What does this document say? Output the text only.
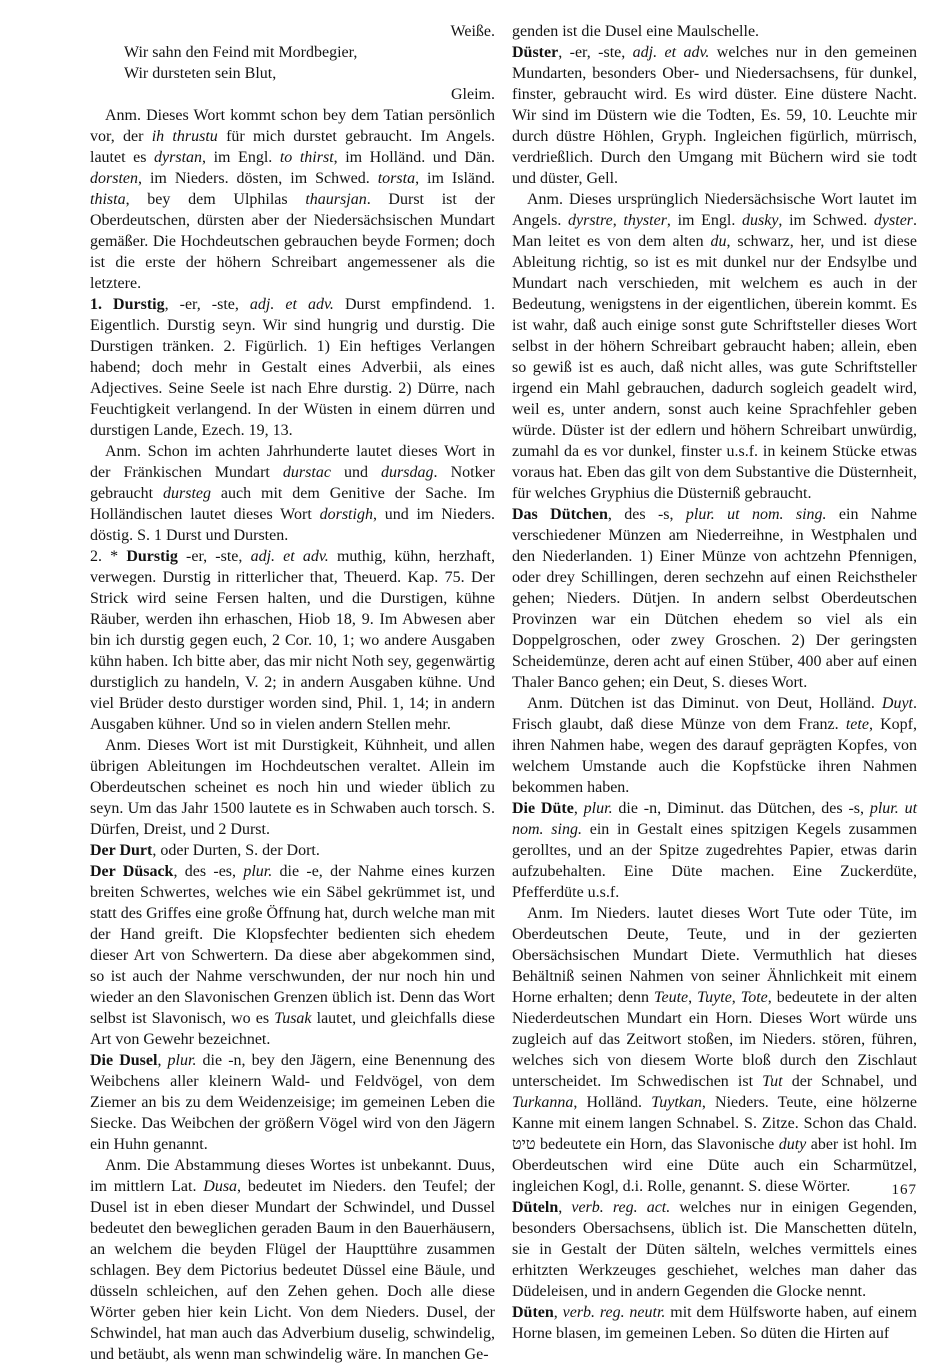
Weiße.

Wir sahn den Feind mit Mordbegier,

Wir dursteten sein Blut,

Gleim.

Anm. Dieses Wort kommt schon bey dem Tatian persönlich vor, der ih thrustu für mich durstet gebraucht. Im Angels. lautet es dyrstan, im Engl. to thirst, im Holländ. und Dän. dorsten, im Nieders. dösten, im Schwed. torsta, im Isländ. thista, bey dem Ulphilas thaursjan. Durst ist der Oberdeutschen, dürsten aber der Niedersächsischen Mundart gemäßer. Die Hochdeutschen gebrauchen beyde Formen; doch ist die erste der höhern Schreibart angemessener als die letztere.

1. Durstig, -er, -ste, adj. et adv. Durst empfindend. 1. Eigentlich. Durstig seyn. Wir sind hungrig und durstig. Die Durstigen tränken. 2. Figürlich. 1) Ein heftiges Verlangen habend; doch mehr in Gestalt eines Adverbii, als eines Adjectives. Seine Seele ist nach Ehre durstig. 2) Dürre, nach Feuchtigkeit verlangend. In der Wüsten in einem dürren und durstigen Lande, Ezech. 19, 13.

Anm. Schon im achten Jahrhunderte lautet dieses Wort in der Fränkischen Mundart durstac und dursdag. Notker gebraucht dursteg auch mit dem Genitive der Sache. Im Holländischen lautet dieses Wort dorstigh, und im Nieders. döstig. S. 1 Durst und Dursten.

2. * Durstig -er, -ste, adj. et adv. muthig, kühn, herzhaft, verwegen. Durstig in ritterlicher that, Theuerd. Kap. 75. Der Strick wird seine Fersen halten, und die Durstigen, kühne Räuber, werden ihn erhaschen, Hiob 18, 9. Im Abwesen aber bin ich durstig gegen euch, 2 Cor. 10, 1; wo andere Ausgaben kühn haben. Ich bitte aber, das mir nicht Noth sey, gegenwärtig durstiglich zu handeln, V. 2; in andern Ausgaben kühne. Und viel Brüder desto durstiger worden sind, Phil. 1, 14; in andern Ausgaben kühner. Und so in vielen andern Stellen mehr.

Anm. Dieses Wort ist mit Durstigkeit, Kühnheit, und allen übrigen Ableitungen im Hochdeutschen veraltet. Allein im Oberdeutschen scheinet es noch hin und wieder üblich zu seyn. Um das Jahr 1500 lautete es in Schwaben auch torsch. S. Dürfen, Dreist, und 2 Durst.

Der Durt, oder Durten, S. der Dort.

Der Düsack, des -es, plur. die -e, der Nahme eines kurzen breiten Schwertes, welches wie ein Säbel gekrümmet ist, und statt des Griffes eine große Öffnung hat, durch welche man mit der Hand greift. Die Klopsfechter bedienten sich ehedem dieser Art von Schwertern. Da diese aber abgekommen sind, so ist auch der Nahme verschwunden, der nur noch hin und wieder an den Slavonischen Grenzen üblich ist. Denn das Wort selbst ist Slavonisch, wo es Tusak lautet, und gleichfalls diese Art von Gewehr bezeichnet.

Die Dusel, plur. die -n, bey den Jägern, eine Benennung des Weibchens aller kleinern Wald- und Feldvögel, von dem Ziemer an bis zu dem Weidenzeisige; im gemeinen Leben die Siecke. Das Weibchen der größern Vögel wird von den Jägern ein Huhn genannt.

Anm. Die Abstammung dieses Wortes ist unbekannt. Duus, im mittlern Lat. Dusa, bedeutet im Nieders. den Teufel; der Dusel ist in eben dieser Mundart der Schwindel, und Dussel bedeutet den beweglichen geraden Baum in den Bauerhäusern, an welchem die beyden Flügel der Haupttühre zusammen schlagen. Bey dem Pictorius bedeutet Düssel eine Bäule, und düsseln schleichen, auf den Zehen gehen. Doch alle diese Wörter geben hier kein Licht. Von dem Nieders. Dusel, der Schwindel, hat man auch das Adverbium duselig, schwindelig, und betäubt, als wenn man schwindelig wäre. In manchen Ge-

genden ist die Dusel eine Maulschelle.

Düster, -er, -ste, adj. et adv. welches nur in den gemeinen Mundarten, besonders Ober- und Niedersachsens, für dunkel, finster, gebraucht wird. Es wird düster. Eine düstere Nacht. Wir sind im Düstern wie die Todten, Es. 59, 10. Leuchte mir durch düstre Höhlen, Gryph. Ingleichen figürlich, mürrisch, verdrießlich. Durch den Umgang mit Büchern wird sie todt und düster, Gell.

Anm. Dieses ursprünglich Niedersächsische Wort lautet im Angels. dyrstre, thyster, im Engl. dusky, im Schwed. dyster. Man leitet es von dem alten du, schwarz, her, und ist diese Ableitung richtig, so ist es mit dunkel nur der Endsylbe und Mundart nach verschieden, mit welchem es auch in der Bedeutung, wenigstens in der eigentlichen, überein kommt. Es ist wahr, daß auch einige sonst gute Schriftsteller dieses Wort selbst in der höhern Schreibart gebraucht haben; allein, eben so gewiß ist es auch, daß nicht alles, was gute Schriftsteller irgend ein Mahl gebrauchen, dadurch sogleich geadelt wird, weil es, unter andern, sonst auch keine Sprachfehler geben würde. Düster ist der edlern und höhern Schreibart unwürdig, zumahl da es vor dunkel, finster u.s.f. in keinem Stücke etwas voraus hat. Eben das gilt von dem Substantive die Düsternheit, für welches Gryphius die Düsterniß gebraucht.

Das Dütchen, des -s, plur. ut nom. sing. ein Nahme verschiedener Münzen am Niederreihne, in Westphalen und den Niederlanden. 1) Einer Münze von achtzehn Pfennigen, oder drey Schillingen, deren sechzehn auf einen Reichstheler gehen; Nieders. Dütjen. In andern selbst Oberdeutschen Provinzen war ein Dütchen ehedem so viel als ein Doppelgroschen, oder zwey Groschen. 2) Der geringsten Scheidemünze, deren acht auf einen Stüber, 400 aber auf einen Thaler Banco gehen; ein Deut, S. dieses Wort.

Anm. Dütchen ist das Diminut. von Deut, Holländ. Duyt. Frisch glaubt, daß diese Münze von dem Franz. tete, Kopf, ihren Nahmen habe, wegen des darauf geprägten Kopfes, von welchem Umstande auch die Kopfstücke ihren Nahmen bekommen haben.

Die Düte, plur. die -n, Diminut. das Dütchen, des -s, plur. ut nom. sing. ein in Gestalt eines spitzigen Kegels zusammen gerolltes, und an der Spitze zugedrehtes Papier, etwas darin aufzubehalten. Eine Düte machen. Eine Zuckerdüte, Pfefferdüte u.s.f.

Anm. Im Nieders. lautet dieses Wort Tute oder Tüte, im Oberdeutschen Deute, Teute, und in der gezierten Obersächsischen Mundart Diete. Vermuthlich hat dieses Behältniß seinen Nahmen von seiner Ähnlichkeit mit einem Horne erhalten; denn Teute, Tuyte, Tote, bedeutete in der alten Niederdeutschen Mundart ein Horn. Dieses Wort würde uns zugleich auf das Zeitwort stoßen, im Nieders. stören, führen, welches sich von diesem Worte bloß durch den Zischlaut unterscheidet. Im Schwedischen ist Tut der Schnabel, und Turkanna, Holländ. Tuytkan, Nieders. Teute, eine hölzerne Kanne mit einem langen Schnabel. S. Zitze. Schon das Chald. טיט bedeutete ein Horn, das Slavonische duty aber ist hohl. Im Oberdeutschen wird eine Düte auch ein Scharmützel, ingleichen Kogl, d.i. Rolle, genannt. S. diese Wörter.

Düteln, verb. reg. act. welches nur in einigen Gegenden, besonders Obersachsens, üblich ist. Die Manschetten düteln, sie in Gestalt der Düten sälteln, welches vermittels eines erhitzten Werkzeuges geschiehet, welches man daher das Düdeleisen, und in andern Gegenden die Glocke nennt.

Düten, verb. reg. neutr. mit dem Hülfsworte haben, auf einem Horne blasen, im gemeinen Leben. So düten die Hirten auf

167
